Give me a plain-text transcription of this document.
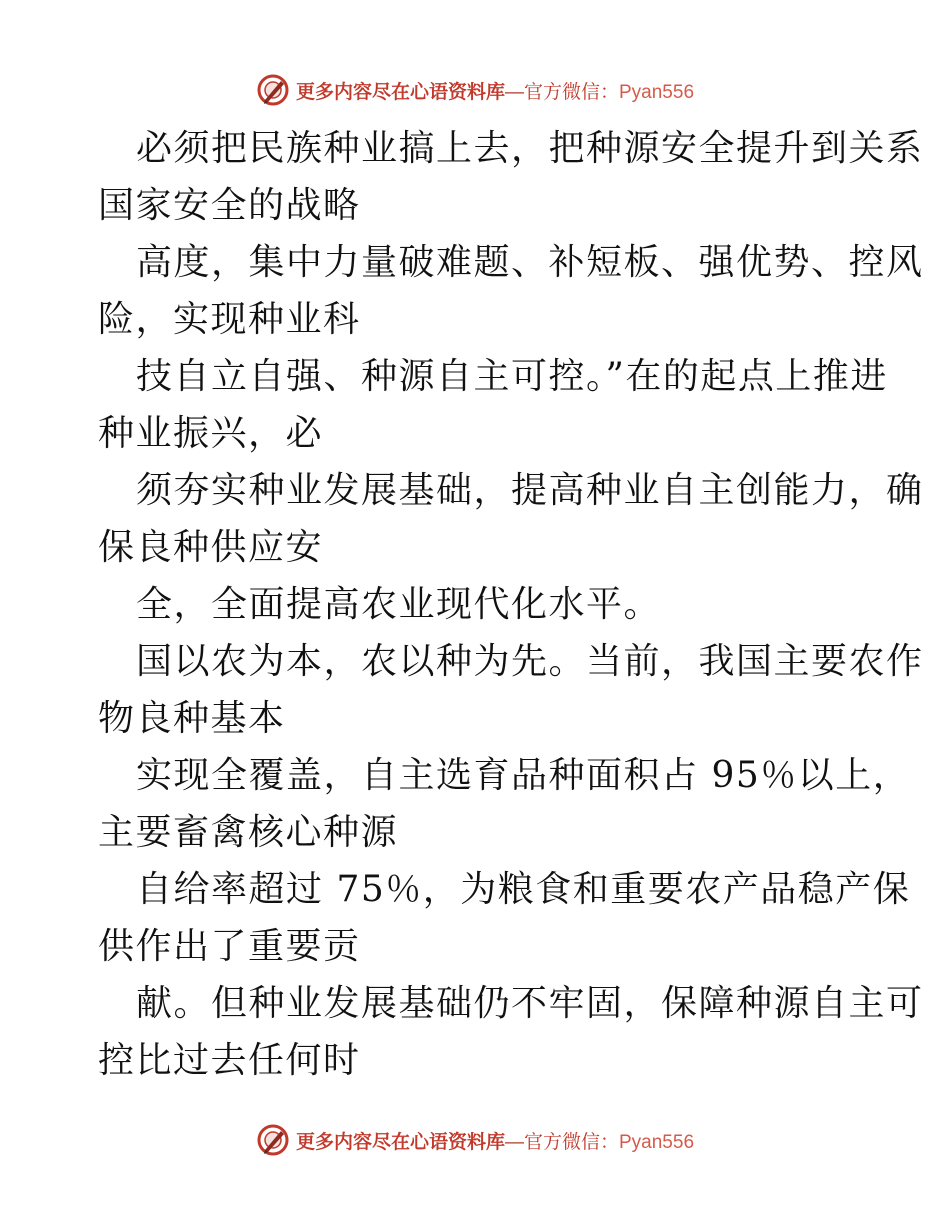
更多内容尽在心语资料库—官方微信：Pyan556
必须把民族种业搞上去，把种源安全提升到关系
国家安全的战略
高度，集中力量破难题、补短板、强优势、控风
险，实现种业科
技自立自强、种源自主可控。”在的起点上推进
种业振兴，必
须夯实种业发展基础，提高种业自主创能力，确
保良种供应安
全，全面提高农业现代化水平。
国以农为本，农以种为先。当前，我国主要农作
物良种基本
实现全覆盖，自主选育品种面积占 95％以上，
主要畜禽核心种源
自给率超过 75％，为粮食和重要农产品稳产保
供作出了重要贡
献。但种业发展基础仍不牢固，保障种源自主可
控比过去任何时
更多内容尽在心语资料库—官方微信：Pyan556
